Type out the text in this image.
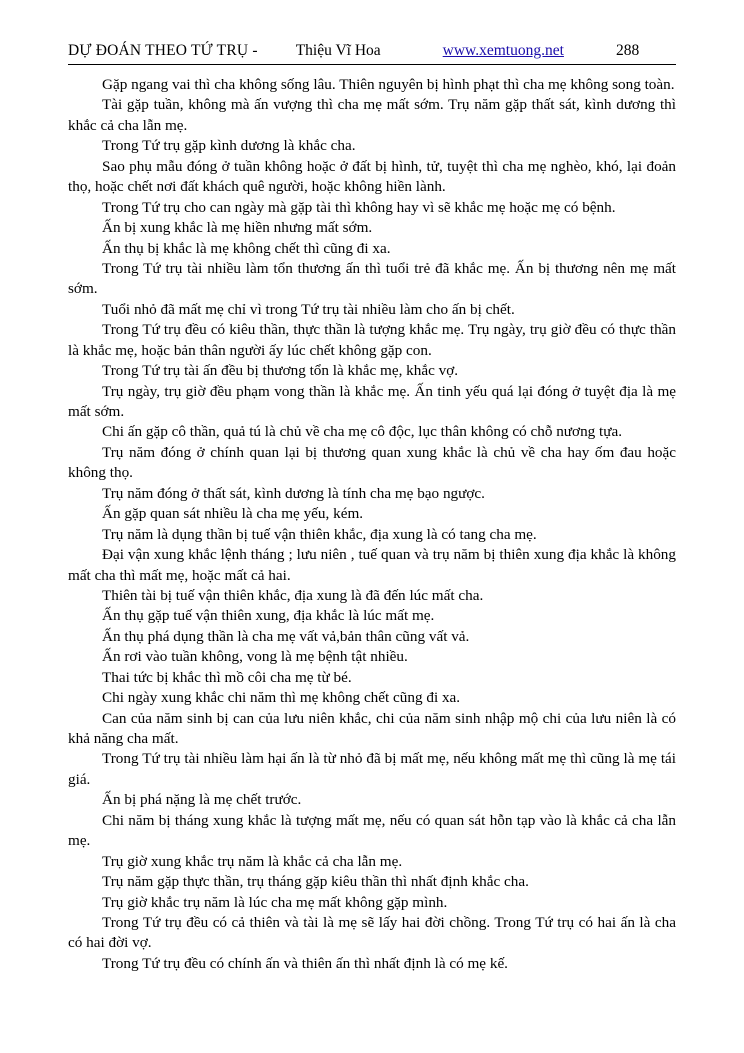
DỰ ĐOÁN THEO TỨ TRỤ - Thiệu Vĩ Hoa	www.xemtuong.net	288

Gặp ngang vai thì cha không sống lâu. Thiên nguyên bị hình phạt thì cha mẹ không song toàn.

Tài gặp tuần, không mà ấn vượng thì cha mẹ mất sớm. Trụ năm gặp thất sát, kình dương thì khắc cả cha lẫn mẹ.

Trong Tứ trụ gặp kình dương là khắc cha.

Sao phụ mẫu đóng ở tuần không hoặc ở đất bị hình, tử, tuyệt thì cha mẹ nghèo, khó, lại đoản thọ, hoặc chết nơi đất khách quê người, hoặc không hiền lành.

Trong Tứ trụ cho can ngày mà gặp tài thì không hay vì sẽ khắc mẹ hoặc mẹ có bệnh.

Ấn bị xung khắc là mẹ hiền nhưng mất sớm.

Ấn thụ bị khắc là mẹ không chết thì cũng đi xa.

Trong Tứ trụ tài nhiều làm tổn thương ấn thì tuổi trẻ đã khắc mẹ. Ấn bị thương nên mẹ mất sớm.

Tuổi nhỏ đã mất mẹ chỉ vì trong Tứ trụ tài nhiều làm cho ấn bị chết.

Trong Tứ trụ đều có kiêu thần, thực thần là tượng khắc mẹ. Trụ ngày, trụ giờ đều có thực thần là khắc mẹ, hoặc bản thân người ấy lúc chết không gặp con.

Trong Tứ trụ tài ấn đều bị thương tổn là khắc mẹ, khắc vợ.

Trụ ngày, trụ giờ đều phạm vong thần là khắc mẹ. Ấn tinh yếu quá lại đóng ở tuyệt địa là mẹ mất sớm.

Chi ấn gặp cô thần, quả tú là chủ về cha mẹ cô độc, lục thân không có chỗ nương tựa.

Trụ năm đóng ở chính quan lại bị thương quan xung khắc là chủ về cha hay ốm đau hoặc không thọ.

Trụ năm đóng ở thất sát, kình dương là tính cha mẹ bạo ngược.

Ấn gặp quan sát nhiều là cha mẹ yếu, kém.

Trụ năm là dụng thần bị tuế vận thiên khắc, địa xung là có tang cha mẹ.

Đại vận xung khắc lệnh tháng ; lưu niên , tuế quan và trụ năm bị thiên xung địa khắc là không mất cha thì mất mẹ, hoặc mất cả hai.

Thiên tài bị tuế vận thiên khắc, địa xung là đã đến lúc mất cha.

Ấn thụ gặp tuế vận thiên xung, địa khắc là lúc mất mẹ.

Ấn thụ phá dụng thần là cha mẹ vất vả,bản thân cũng vất vả.

Ấn rơi vào tuần không, vong là mẹ bệnh tật nhiều.

Thai tức bị khắc thì mồ côi cha mẹ từ bé.

Chi ngày xung khắc chi năm thì mẹ không chết cũng đi xa.

Can của năm sinh bị can của lưu niên khắc, chi của năm sinh nhập mộ chi của lưu niên là có khả năng cha mất.

Trong Tứ trụ tài nhiều làm hại ấn là từ nhỏ đã bị mất mẹ, nếu không mất mẹ thì cũng là mẹ tái giá.

Ấn bị phá nặng là mẹ chết trước.

Chi năm bị tháng xung khắc là tượng mất mẹ, nếu có quan sát hỗn tạp vào là khắc cả cha lẫn mẹ.

Trụ giờ xung khắc trụ năm là khắc cả cha lẫn mẹ.

Trụ năm gặp thực thần, trụ tháng gặp kiêu thần thì nhất định khắc cha.

Trụ giờ khắc trụ năm là lúc cha mẹ mất không gặp mình.

Trong Tứ trụ đều có cả thiên và tài là mẹ sẽ lấy hai đời chồng. Trong Tứ trụ có hai ấn là cha có hai đời vợ.

Trong Tứ trụ đều có chính ấn và thiên ấn thì nhất định là có mẹ kế.
